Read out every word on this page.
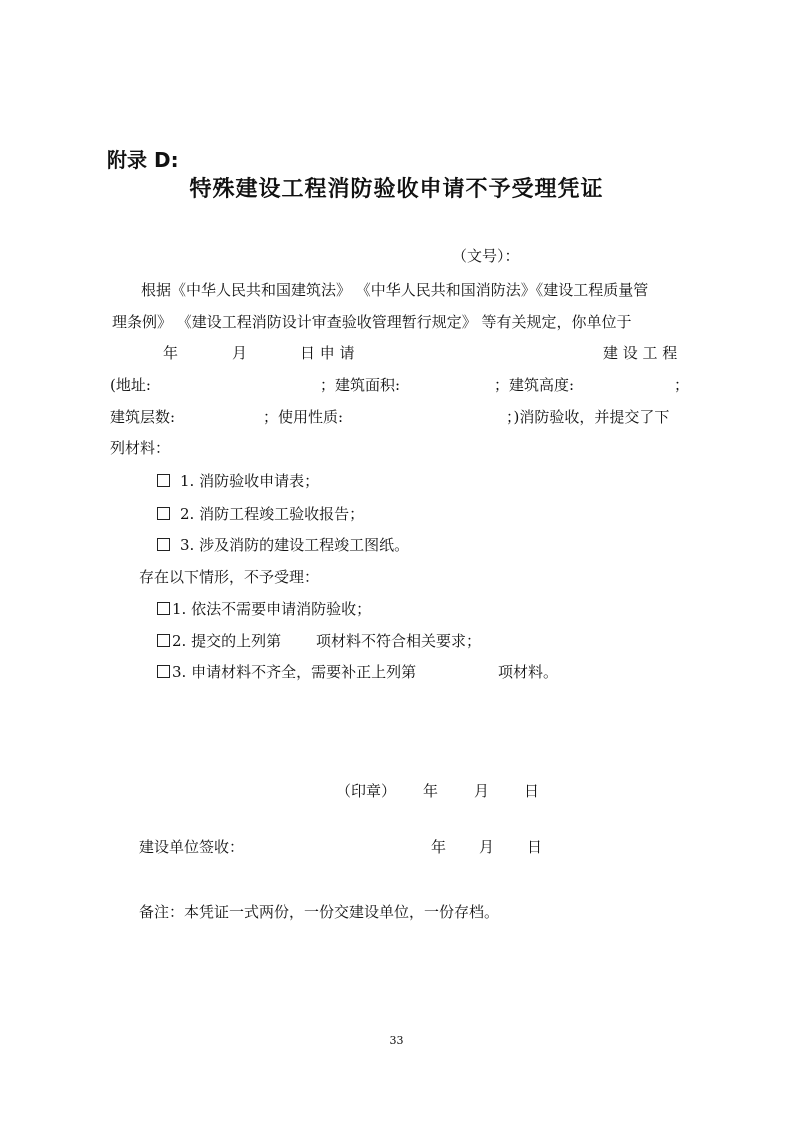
附录 D:
特殊建设工程消防验收申请不予受理凭证
（文号）：
根据《中华人民共和国建筑法》 《中华人民共和国消防法》《建设工程质量管
理条例》 《建设工程消防设计审查验收管理暂行规定》 等有关规定，你单位于
年	月	日 申 请	建 设 工 程
(地址:	；建筑面积:	；建筑高度:	；
建筑层数:	；使用性质:	；)消防验收，并提交了下
列材料：
1. 消防验收申请表；
2. 消防工程竣工验收报告；
3. 涉及消防的建设工程竣工图纸。
存在以下情形，不予受理：
1. 依法不需要申请消防验收；
2. 提交的上列第 项材料不符合相关要求；
3. 申请材料不齐全，需要补正上列第	项材料。
（印章） 年 月 日
建设单位签收：	年 月 日
备注：本凭证一式两份，一份交建设单位，一份存档。
33
